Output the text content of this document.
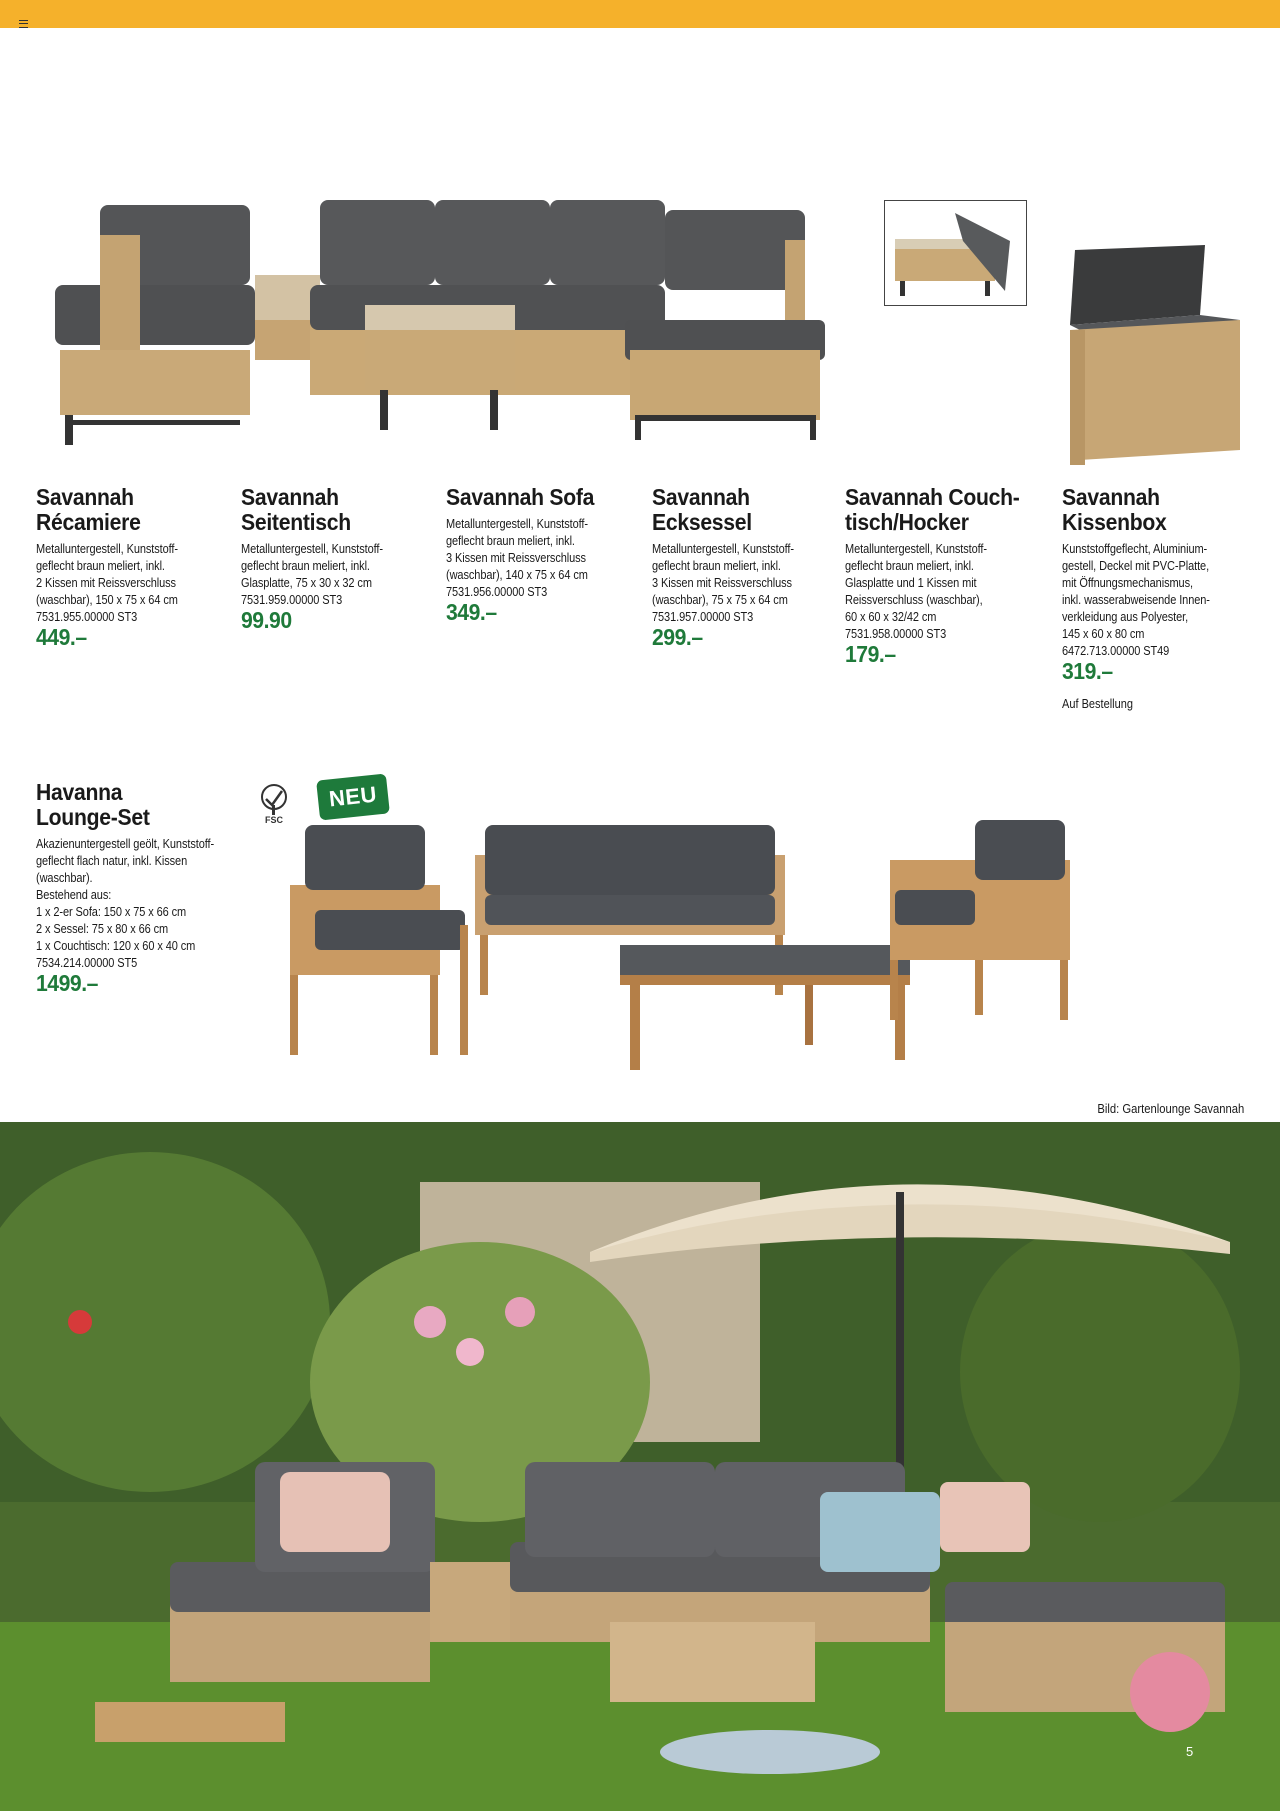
Savannah
Récamiere
Metalluntergestell, Kunststoff-
geflecht braun meliert, inkl.
2 Kissen mit Reissverschluss
(waschbar), 150 x 75 x 64 cm
7531.955.00000 ST3
449.–
Savannah
Seitentisch
Metalluntergestell, Kunststoff-
geflecht braun meliert, inkl.
Glasplatte, 75 x 30 x 32 cm
7531.959.00000 ST3
99.90
Savannah Sofa
Metalluntergestell, Kunststoff-
geflecht braun meliert, inkl.
3 Kissen mit Reissverschluss
(waschbar), 140 x 75 x 64 cm
7531.956.00000 ST3
349.–
Savannah
Ecksessel
Metalluntergestell, Kunststoff-
geflecht braun meliert, inkl.
3 Kissen mit Reissverschluss
(waschbar), 75 x 75 x 64 cm
7531.957.00000 ST3
299.–
Savannah Couch-
tisch/Hocker
Metalluntergestell, Kunststoff-
geflecht braun meliert, inkl.
Glasplatte und 1 Kissen mit
Reissverschluss (waschbar),
60 x 60 x 32/42 cm
7531.958.00000 ST3
179.–
Savannah
Kissenbox
Kunststoffgeflecht, Aluminium-
gestell, Deckel mit PVC-Platte,
mit Öffnungsmechanismus,
inkl. wasserabweisende Innen-
verkleidung aus Polyester,
145 x 60 x 80 cm
6472.713.00000 ST49
319.–
Auf Bestellung
Havanna
Lounge-Set
Akazienuntergestell geölt, Kunststoff-
geflecht flach natur, inkl. Kissen
(waschbar).
Bestehend aus:
1 x 2-er Sofa: 150 x 75 x 66 cm
2 x Sessel: 75 x 80 x 66 cm
1 x Couchtisch: 120 x 60 x 40 cm
7534.214.00000 ST5
1499.–
FSC
NEU
Bild: Gartenlounge Savannah
5
